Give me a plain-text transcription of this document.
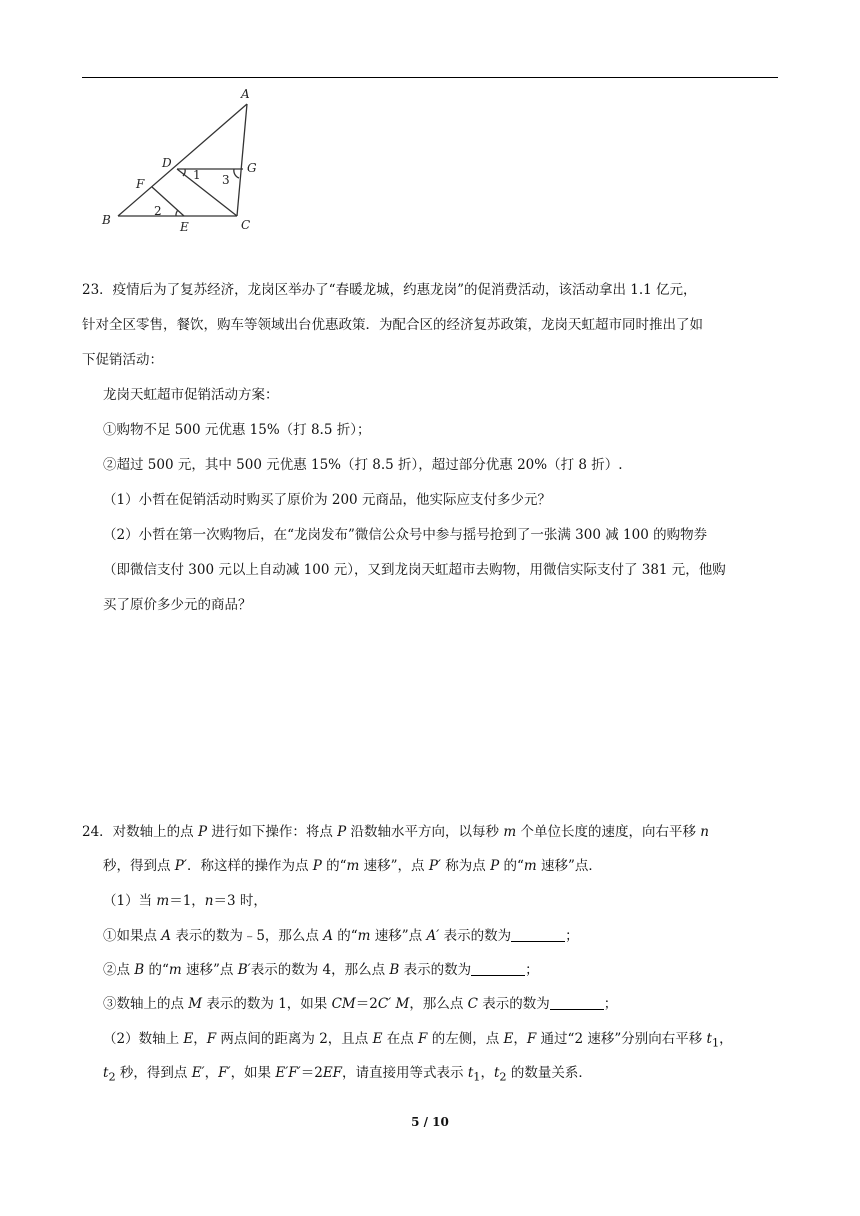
A
D	G
F
B	E	C
1
2
3
23．疫情后为了复苏经济，龙岗区举办了“春暖龙城，约惠龙岗”的促消费活动，该活动拿出 1.1 亿元，
针对全区零售，餐饮，购车等领域出台优惠政策．为配合区的经济复苏政策，龙岗天虹超市同时推出了如
下促销活动：
龙岗天虹超市促销活动方案：
①购物不足 500 元优惠 15%（打 8.5 折）；
②超过 500 元，其中 500 元优惠 15%（打 8.5 折），超过部分优惠 20%（打 8 折）.
（1）小哲在促销活动时购买了原价为 200 元商品，他实际应支付多少元？
（2）小哲在第一次购物后，在“龙岗发布”微信公众号中参与摇号抢到了一张满 300 减 100 的购物券
（即微信支付 300 元以上自动减 100 元），又到龙岗天虹超市去购物，用微信实际支付了 381 元，他购
买了原价多少元的商品？
24．对数轴上的点 P 进行如下操作：将点 P 沿数轴水平方向，以每秒 m 个单位长度的速度，向右平移 n
秒，得到点 P′．称这样的操作为点 P 的“m 速移”，点 P′ 称为点 P 的“m 速移”点．
（1）当 m＝1，n＝3 时，
①如果点 A 表示的数为﹣5，那么点 A 的“m 速移”点 A′ 表示的数为	；
②点 B 的“m 速移”点 B′表示的数为 4，那么点 B 表示的数为	；
③数轴上的点 M 表示的数为 1，如果 CM＝2C′ M，那么点 C 表示的数为	；
（2）数轴上 E，F 两点间的距离为 2，且点 E 在点 F 的左侧，点 E，F 通过“2 速移”分别向右平移 $t_1$，
$t_2$ 秒，得到点 E′，F′，如果 E′F′＝2EF，请直接用等式表示 $t_1$，$t_2$ 的数量关系．
5 / 10
